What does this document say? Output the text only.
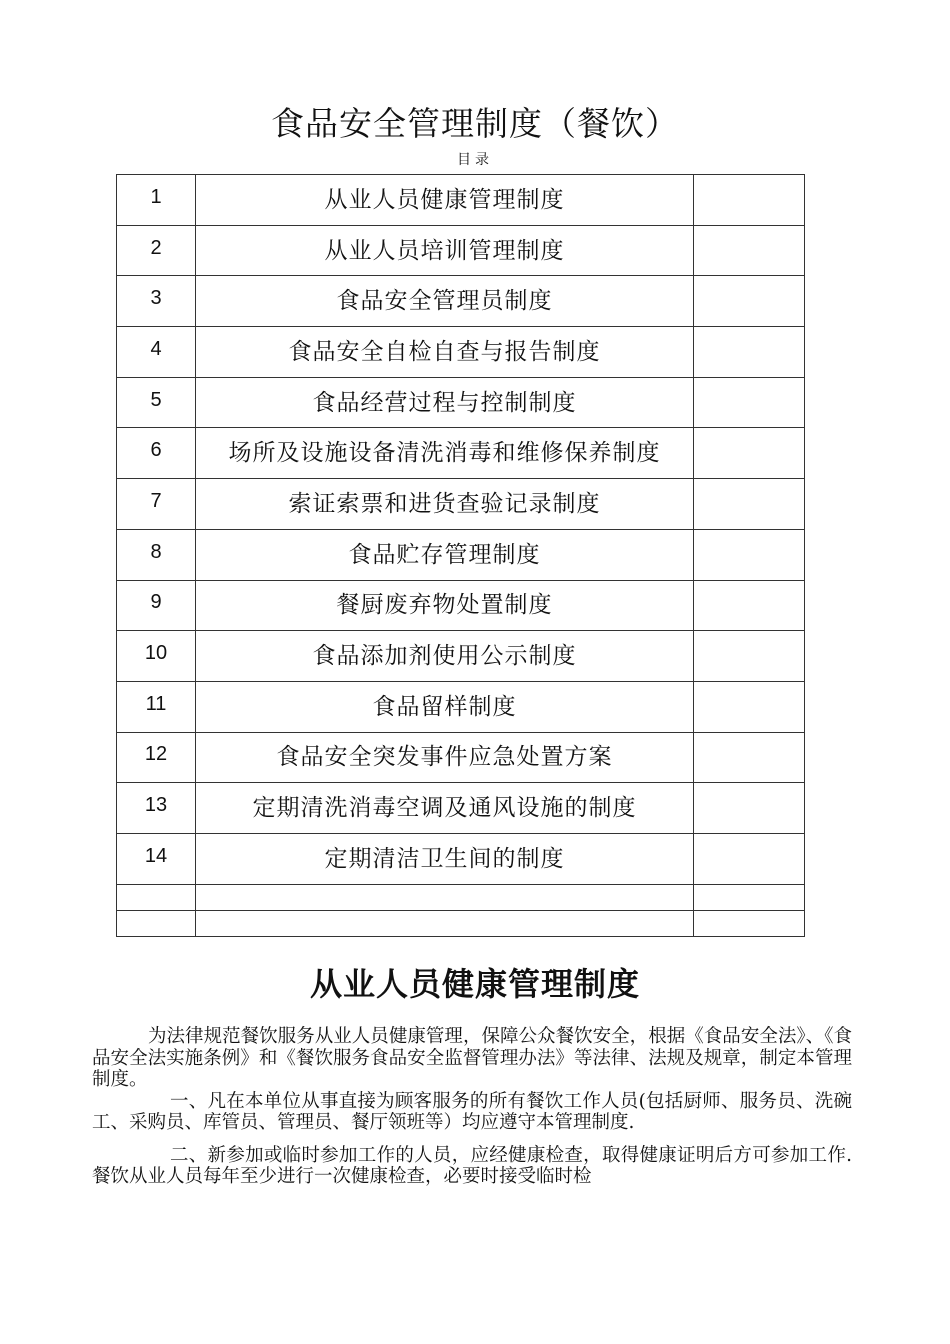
食品安全管理制度（餐饮）
目录
1	从业人员健康管理制度	
2	从业人员培训管理制度	
3	食品安全管理员制度	
4	食品安全自检自查与报告制度	
5	食品经营过程与控制制度	
6	场所及设施设备清洗消毒和维修保养制度	
7	索证索票和进货查验记录制度	
8	食品贮存管理制度	
9	餐厨废弃物处置制度	
10	食品添加剂使用公示制度	
11	食品留样制度	
12	食品安全突发事件应急处置方案	
13	定期清洗消毒空调及通风设施的制度	
14	定期清洁卫生间的制度	

从业人员健康管理制度

为法律规范餐饮服务从业人员健康管理，保障公众餐饮安全，根据《食品安全法》、《食品安全法实施条例》和《餐饮服务食品安全监督管理办法》等法律、法规及规章，制定本管理制度。

一、凡在本单位从事直接为顾客服务的所有餐饮工作人员(包括厨师、服务员、洗碗工、采购员、库管员、管理员、餐厅领班等）均应遵守本管理制度.

二、新参加或临时参加工作的人员，应经健康检查，取得健康证明后方可参加工作.餐饮从业人员每年至少进行一次健康检查，必要时接受临时检
